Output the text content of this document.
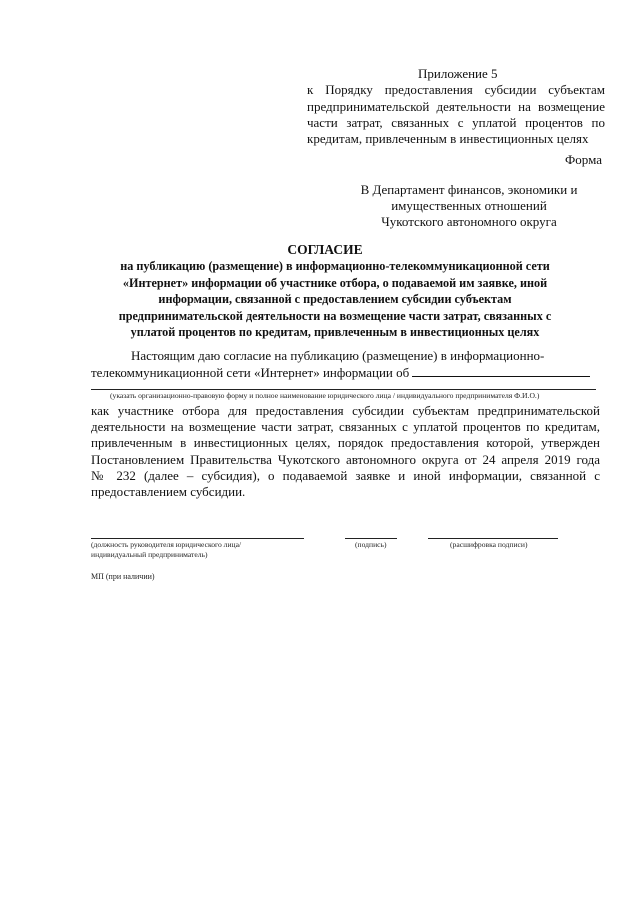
Приложение 5
к Порядку предоставления субсидии субъектам
предпринимательской деятельности на возмещение
части затрат, связанных с уплатой процентов по
кредитам, привлеченным в инвестиционных целях
Форма
В Департамент финансов, экономики и
имущественных отношений
Чукотского автономного округа
СОГЛАСИЕ
на публикацию (размещение) в информационно-телекоммуникационной сети
«Интернет» информации об участнике отбора, о подаваемой им заявке, иной
информации, связанной с предоставлением субсидии субъектам
предпринимательской деятельности на возмещение части затрат, связанных с
уплатой процентов по кредитам, привлеченным в инвестиционных целях
Настоящим даю согласие на публикацию (размещение) в информационно-
телекоммуникационной сети «Интернет» информации об
(указать организационно-правовую форму и полное наименование юридического лица / индивидуального предпринимателя Ф.И.О.)
как участнике отбора для предоставления субсидии субъектам предпринимательской
деятельности на возмещение части затрат, связанных с уплатой процентов по кредитам,
привлеченным в инвестиционных целях, порядок предоставления которой, утвержден
Постановлением Правительства Чукотского автономного округа от 24 апреля 2019 года
№ 232 (далее – субсидия), о подаваемой заявке и иной информации, связанной с
предоставлением субсидии.
(должность руководителя юридического лица/
индивидуальный предприниматель)
(подпись)	(расшифровка подписи)
МП (при наличии)
